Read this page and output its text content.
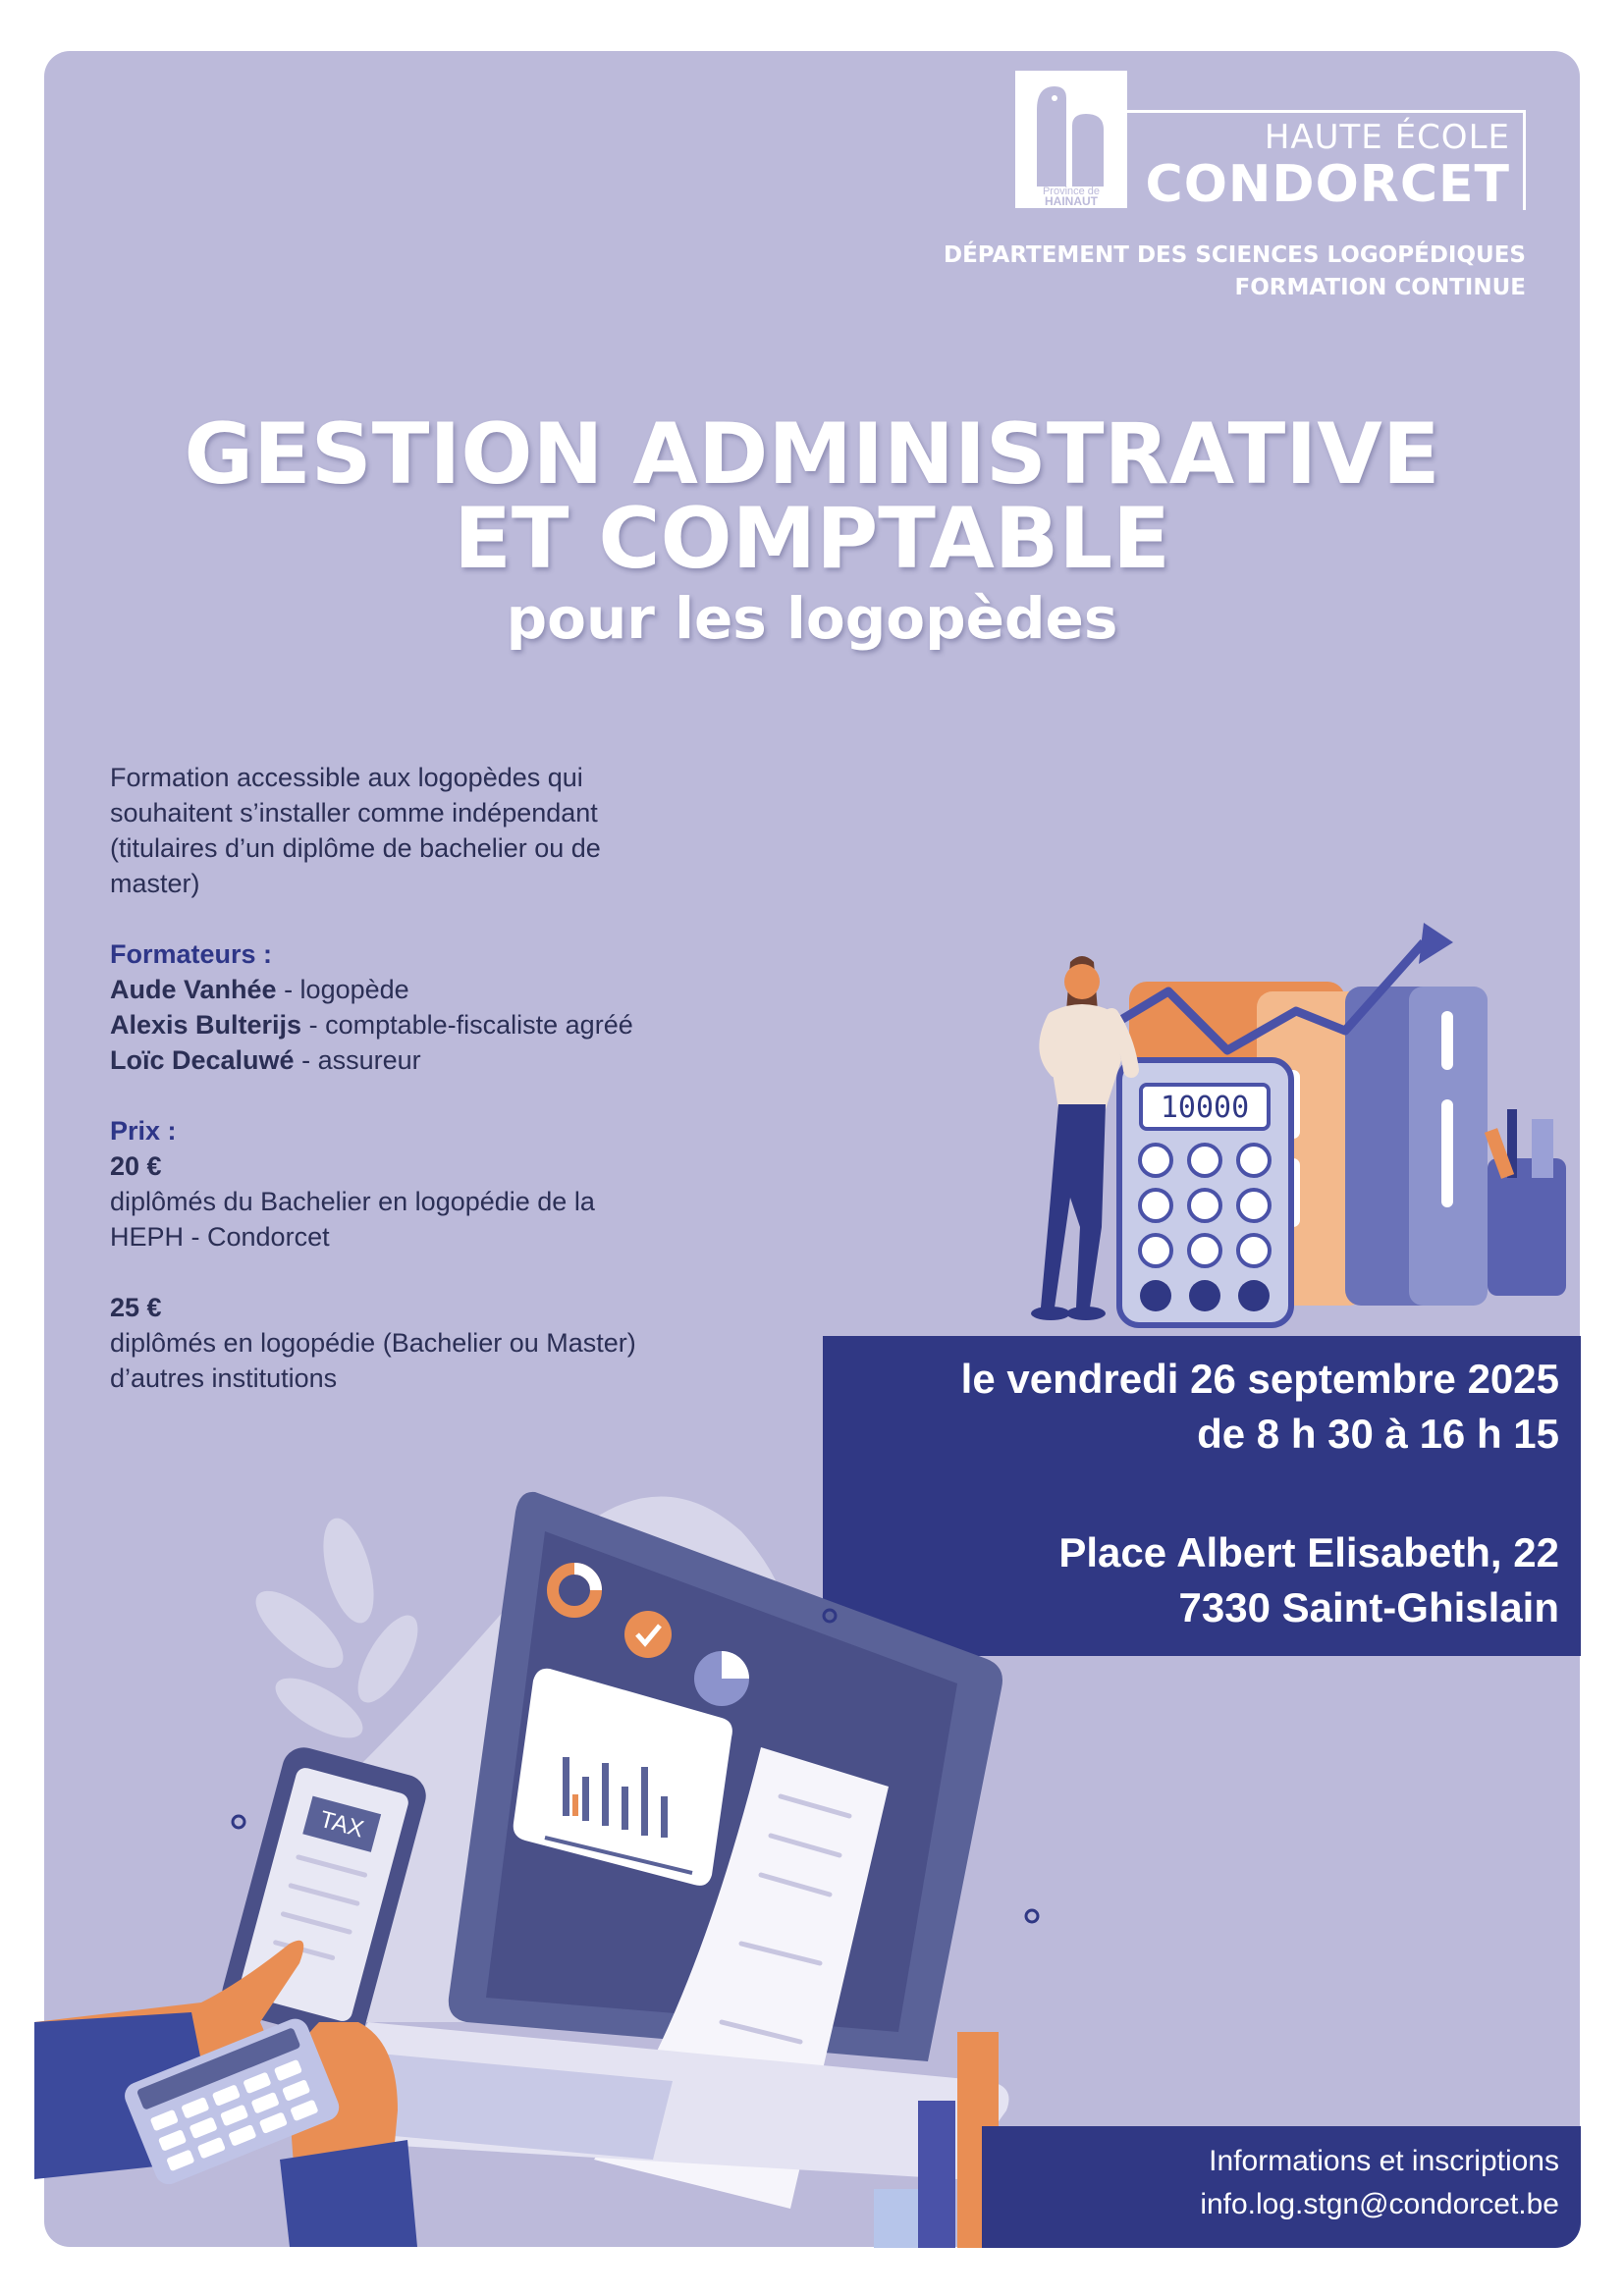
Province de
HAINAUT
HAUTE ÉCOLE
CONDORCET
DÉPARTEMENT DES SCIENCES LOGOPÉDIQUES
FORMATION CONTINUE
GESTION ADMINISTRATIVE
ET COMPTABLE
pour les logopèdes
Formation accessible aux logopèdes qui
souhaitent s’installer comme indépendant
(titulaires d’un diplôme de bachelier ou de
master)
Formateurs :
Aude Vanhée - logopède
Alexis Bulterijs - comptable-fiscaliste agréé
Loïc Decaluwé - assureur
Prix :
20 €
diplômés du Bachelier en logopédie de la
HEPH - Condorcet
25 €
diplômés en logopédie (Bachelier ou Master)
d’autres institutions
10000
le vendredi 26 septembre 2025
de 8 h 30 à 16 h 15
Place Albert Elisabeth, 22
7330 Saint-Ghislain
TAX
Informations et inscriptions
info.log.stgn@condorcet.be
